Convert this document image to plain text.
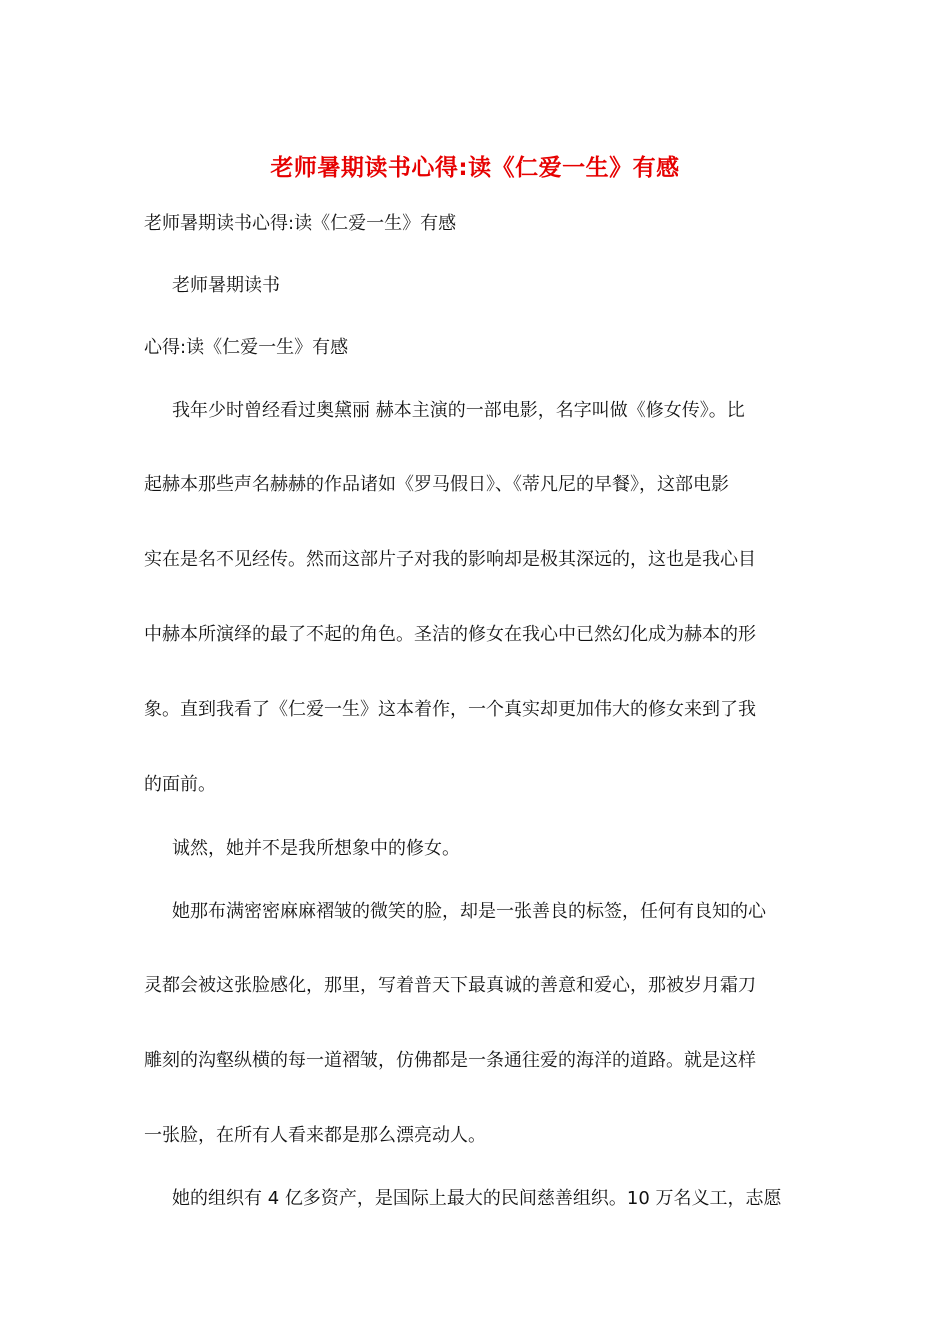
老师暑期读书心得:读《仁爱一生》有感

老师暑期读书心得:读《仁爱一生》有感

老师暑期读书

心得:读《仁爱一生》有感

我年少时曾经看过奥黛丽 赫本主演的一部电影，名字叫做《修女传》。比

起赫本那些声名赫赫的作品诸如《罗马假日》、《蒂凡尼的早餐》，这部电影

实在是名不见经传。然而这部片子对我的影响却是极其深远的，这也是我心目

中赫本所演绎的最了不起的角色。圣洁的修女在我心中已然幻化成为赫本的形

象。直到我看了《仁爱一生》这本着作，一个真实却更加伟大的修女来到了我

的面前。

诚然，她并不是我所想象中的修女。

她那布满密密麻麻褶皱的微笑的脸，却是一张善良的标签，任何有良知的心

灵都会被这张脸感化，那里，写着普天下最真诚的善意和爱心，那被岁月霜刀

雕刻的沟壑纵横的每一道褶皱，仿佛都是一条通往爱的海洋的道路。就是这样

一张脸，在所有人看来都是那么漂亮动人。

她的组织有 4 亿多资产，是国际上最大的民间慈善组织。10 万名义工，志愿
